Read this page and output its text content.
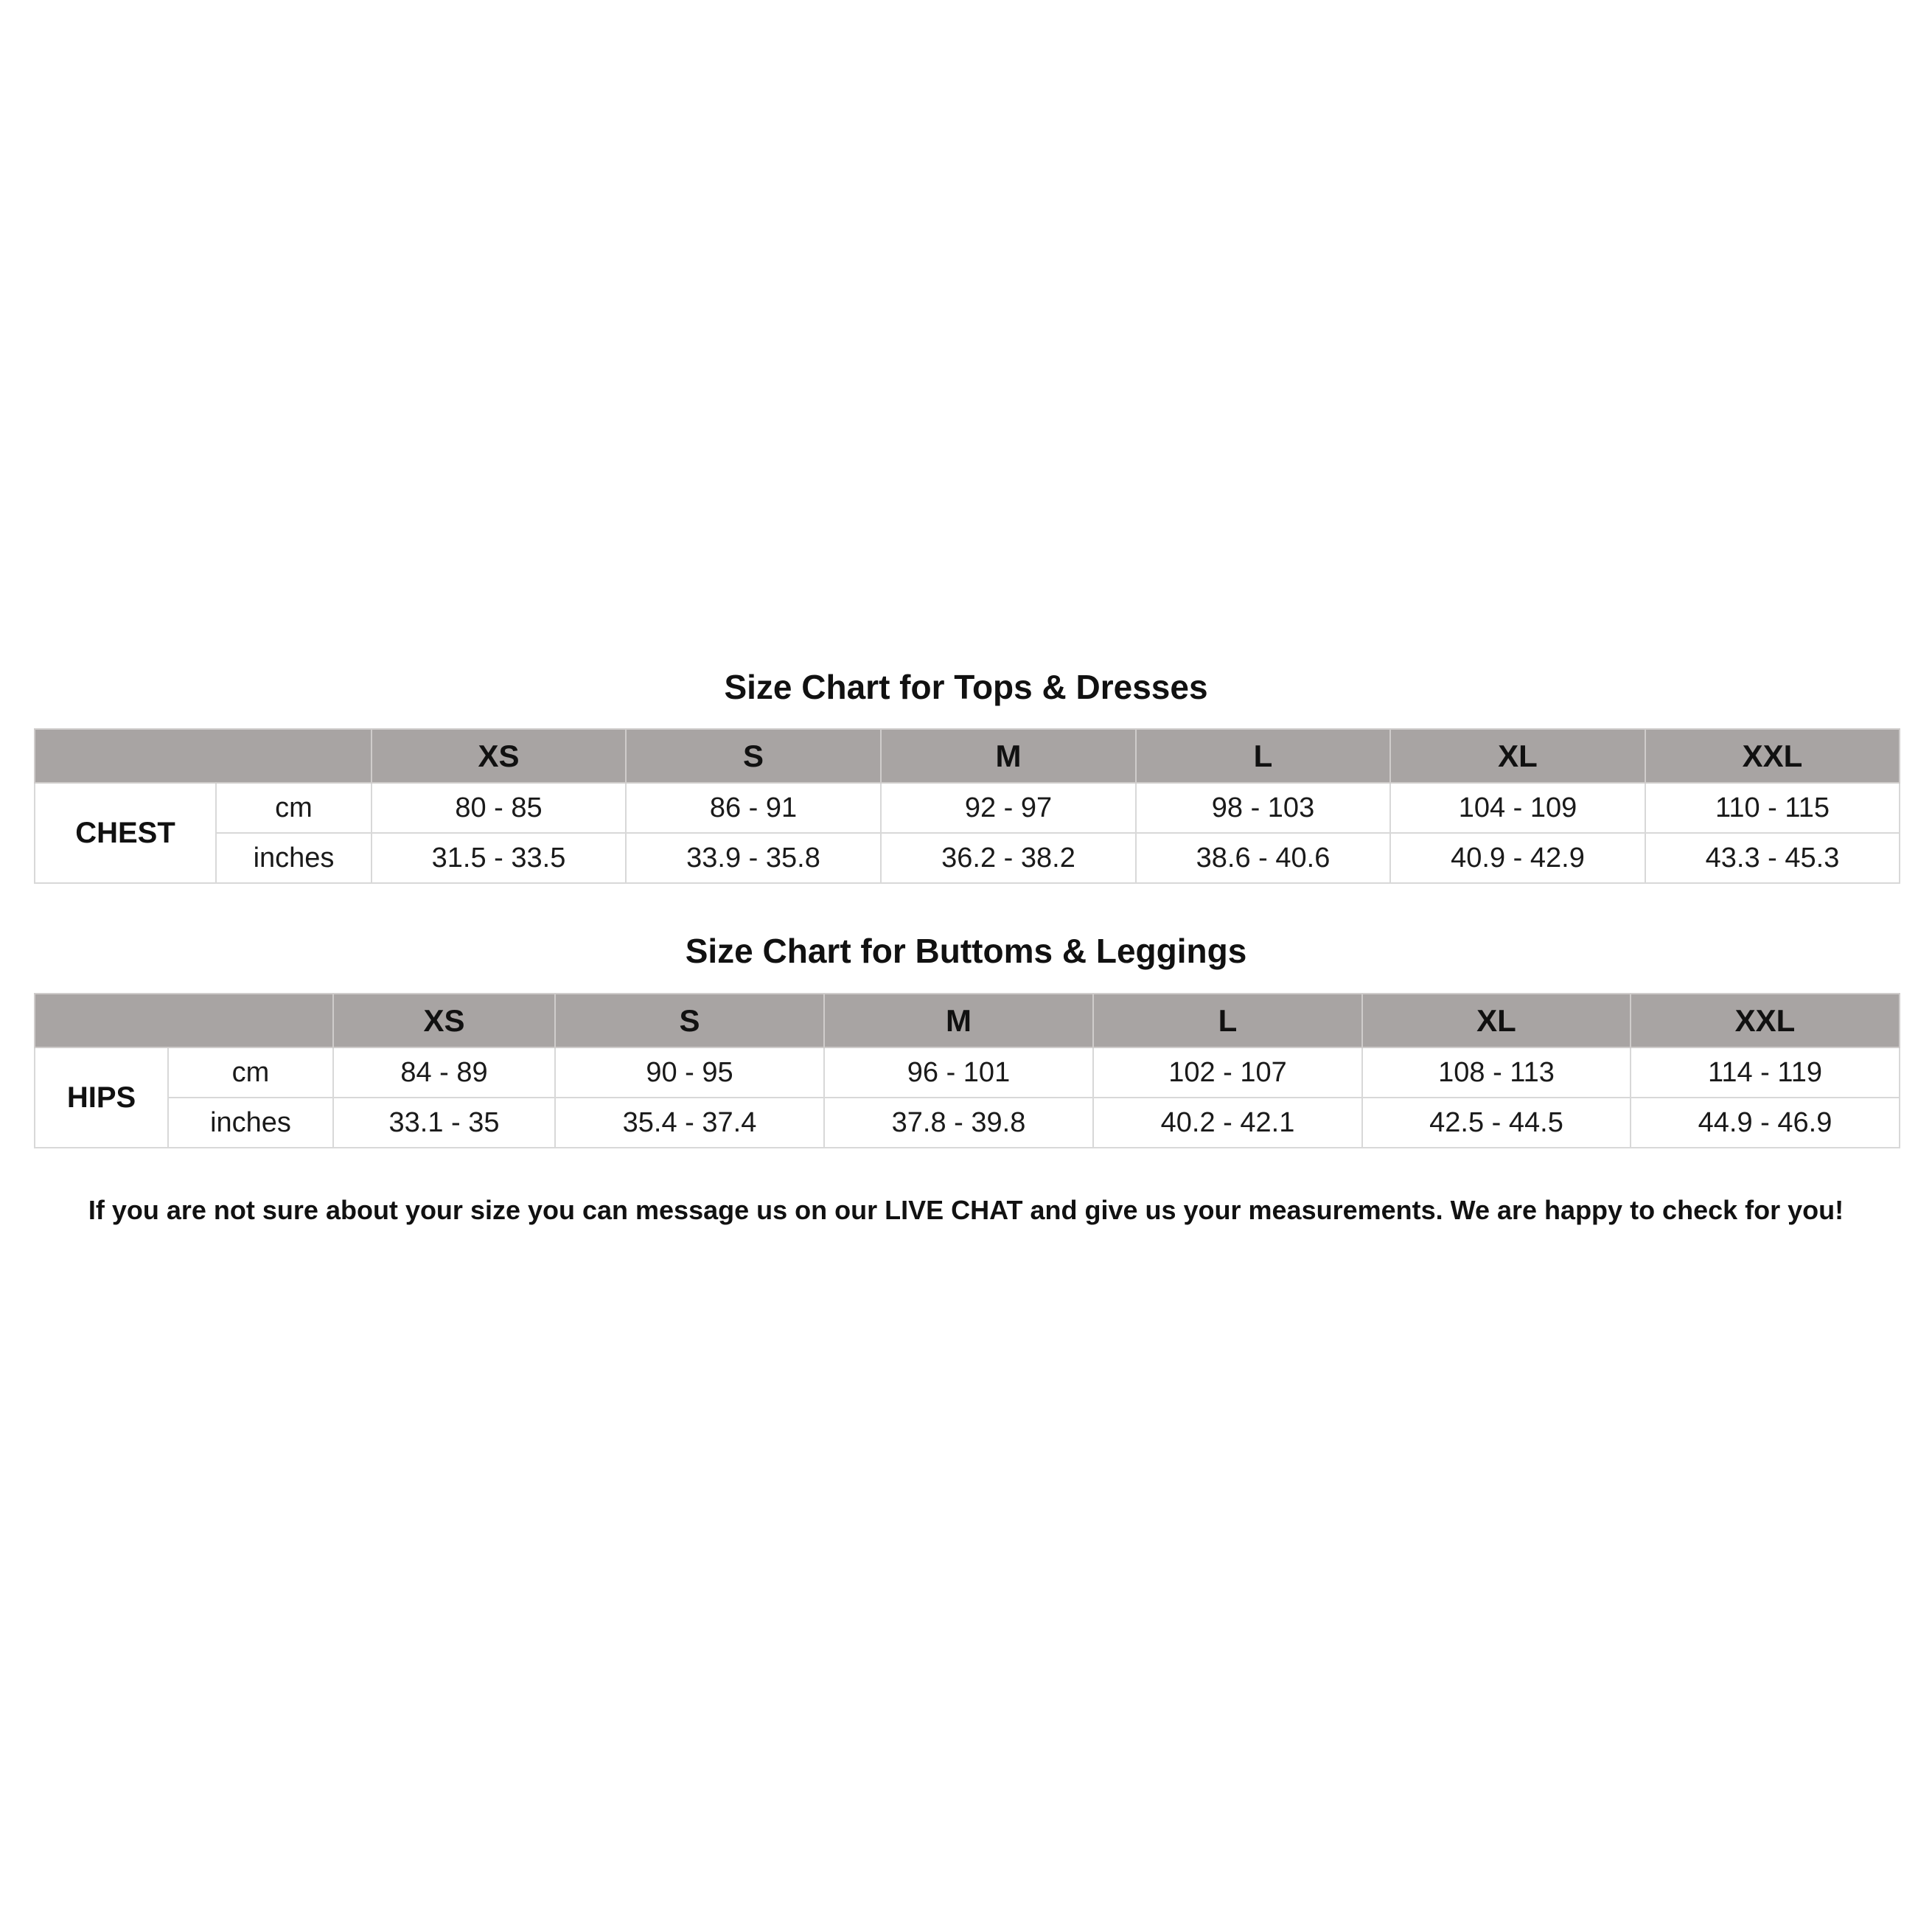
Size Chart for Tops & Dresses
		XS	S	M	L	XL	XXL
CHEST	cm	80 - 85	86 - 91	92 - 97	98 - 103	104 - 109	110 - 115
	inches	31.5 - 33.5	33.9 - 35.8	36.2 - 38.2	38.6 - 40.6	40.9 - 42.9	43.3 - 45.3
Size Chart for Buttoms & Leggings
		XS	S	M	L	XL	XXL
HIPS	cm	84 - 89	90 - 95	96 - 101	102 - 107	108 - 113	114 - 119
	inches	33.1 - 35	35.4 - 37.4	37.8 - 39.8	40.2 - 42.1	42.5 - 44.5	44.9 - 46.9

If you are not sure about your size you can message us on our LIVE CHAT and give us your measurements. We are happy to check for you!
